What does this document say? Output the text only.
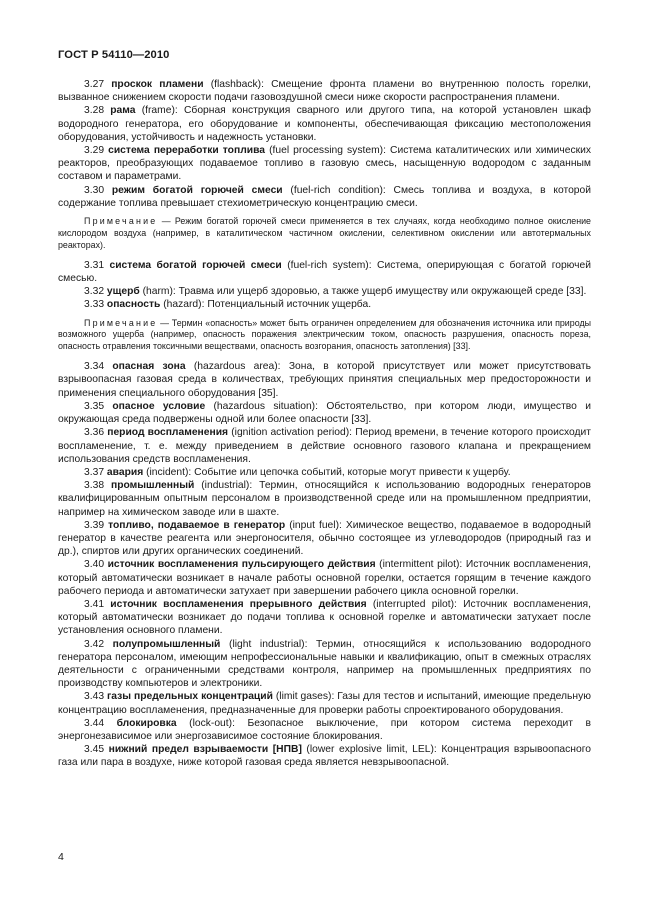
ГОСТ Р 54110—2010

3.27 проскок пламени (flashback): Смещение фронта пламени во внутреннюю полость горелки, вызванное снижением скорости подачи газовоздушной смеси ниже скорости распространения пламени.

3.28 рама (frame): Сборная конструкция сварного или другого типа, на которой установлен шкаф водородного генератора, его оборудование и компоненты, обеспечивающая фиксацию местоположения оборудования, устойчивость и надежность установки.

3.29 система переработки топлива (fuel processing system): Система каталитических или химических реакторов, преобразующих подаваемое топливо в газовую смесь, насыщенную водородом с заданным составом и параметрами.

3.30 режим богатой горючей смеси (fuel-rich condition): Смесь топлива и воздуха, в которой содержание топлива превышает стехиометрическую концентрацию смеси.

Примечание — Режим богатой горючей смеси применяется в тех случаях, когда необходимо полное окисление кислородом воздуха (например, в каталитическом частичном окислении, селективном окислении или автотермальных реакторах).

3.31 система богатой горючей смеси (fuel-rich system): Система, оперирующая с богатой горючей смесью.

3.32 ущерб (harm): Травма или ущерб здоровью, а также ущерб имуществу или окружающей среде [33].

3.33 опасность (hazard): Потенциальный источник ущерба.

Примечание — Термин «опасность» может быть ограничен определением для обозначения источника или природы возможного ущерба (например, опасность поражения электрическим током, опасность разрушения, опасность пореза, опасность отравления токсичными веществами, опасность возгорания, опасность затопления) [33].

3.34 опасная зона (hazardous area): Зона, в которой присутствует или может присутствовать взрывоопасная газовая среда в количествах, требующих принятия специальных мер предосторожности и применения специального оборудования [35].

3.35 опасное условие (hazardous situation): Обстоятельство, при котором люди, имущество и окружающая среда подвержены одной или более опасности [33].

3.36 период воспламенения (ignition activation period): Период времени, в течение которого происходит воспламенение, т. е. между приведением в действие основного газового клапана и прекращением использования средств воспламенения.

3.37 авария (incident): Событие или цепочка событий, которые могут привести к ущербу.

3.38 промышленный (industrial): Термин, относящийся к использованию водородных генераторов квалифицированным опытным персоналом в производственной среде или на промышленном предприятии, например на химическом заводе или в шахте.

3.39 топливо, подаваемое в генератор (input fuel): Химическое вещество, подаваемое в водородный генератор в качестве реагента или энергоносителя, обычно состоящее из углеводородов (природный газ и др.), спиртов или других органических соединений.

3.40 источник воспламенения пульсирующего действия (intermittent pilot): Источник воспламенения, который автоматически возникает в начале работы основной горелки, остается горящим в течение каждого рабочего периода и автоматически затухает при завершении рабочего цикла основной горелки.

3.41 источник воспламенения прерывного действия (interrupted pilot): Источник воспламенения, который автоматически возникает до подачи топлива к основной горелке и автоматически затухает после установления основного пламени.

3.42 полупромышленный (light industrial): Термин, относящийся к использованию водородного генератора персоналом, имеющим непрофессиональные навыки и квалификацию, опыт в смежных отраслях деятельности с ограниченными средствами контроля, например на промышленных предприятиях по производству компьютеров и электроники.

3.43 газы предельных концентраций (limit gases): Газы для тестов и испытаний, имеющие предельную концентрацию воспламенения, предназначенные для проверки работы спроектированого оборудования.

3.44 блокировка (lock-out): Безопасное выключение, при котором система переходит в энергонезависимое или энергозависимое состояние блокирования.

3.45 нижний предел взрываемости [НПВ] (lower explosive limit, LEL): Концентрация взрывоопасного газа или пара в воздухе, ниже которой газовая среда является невзрывоопасной.

4
